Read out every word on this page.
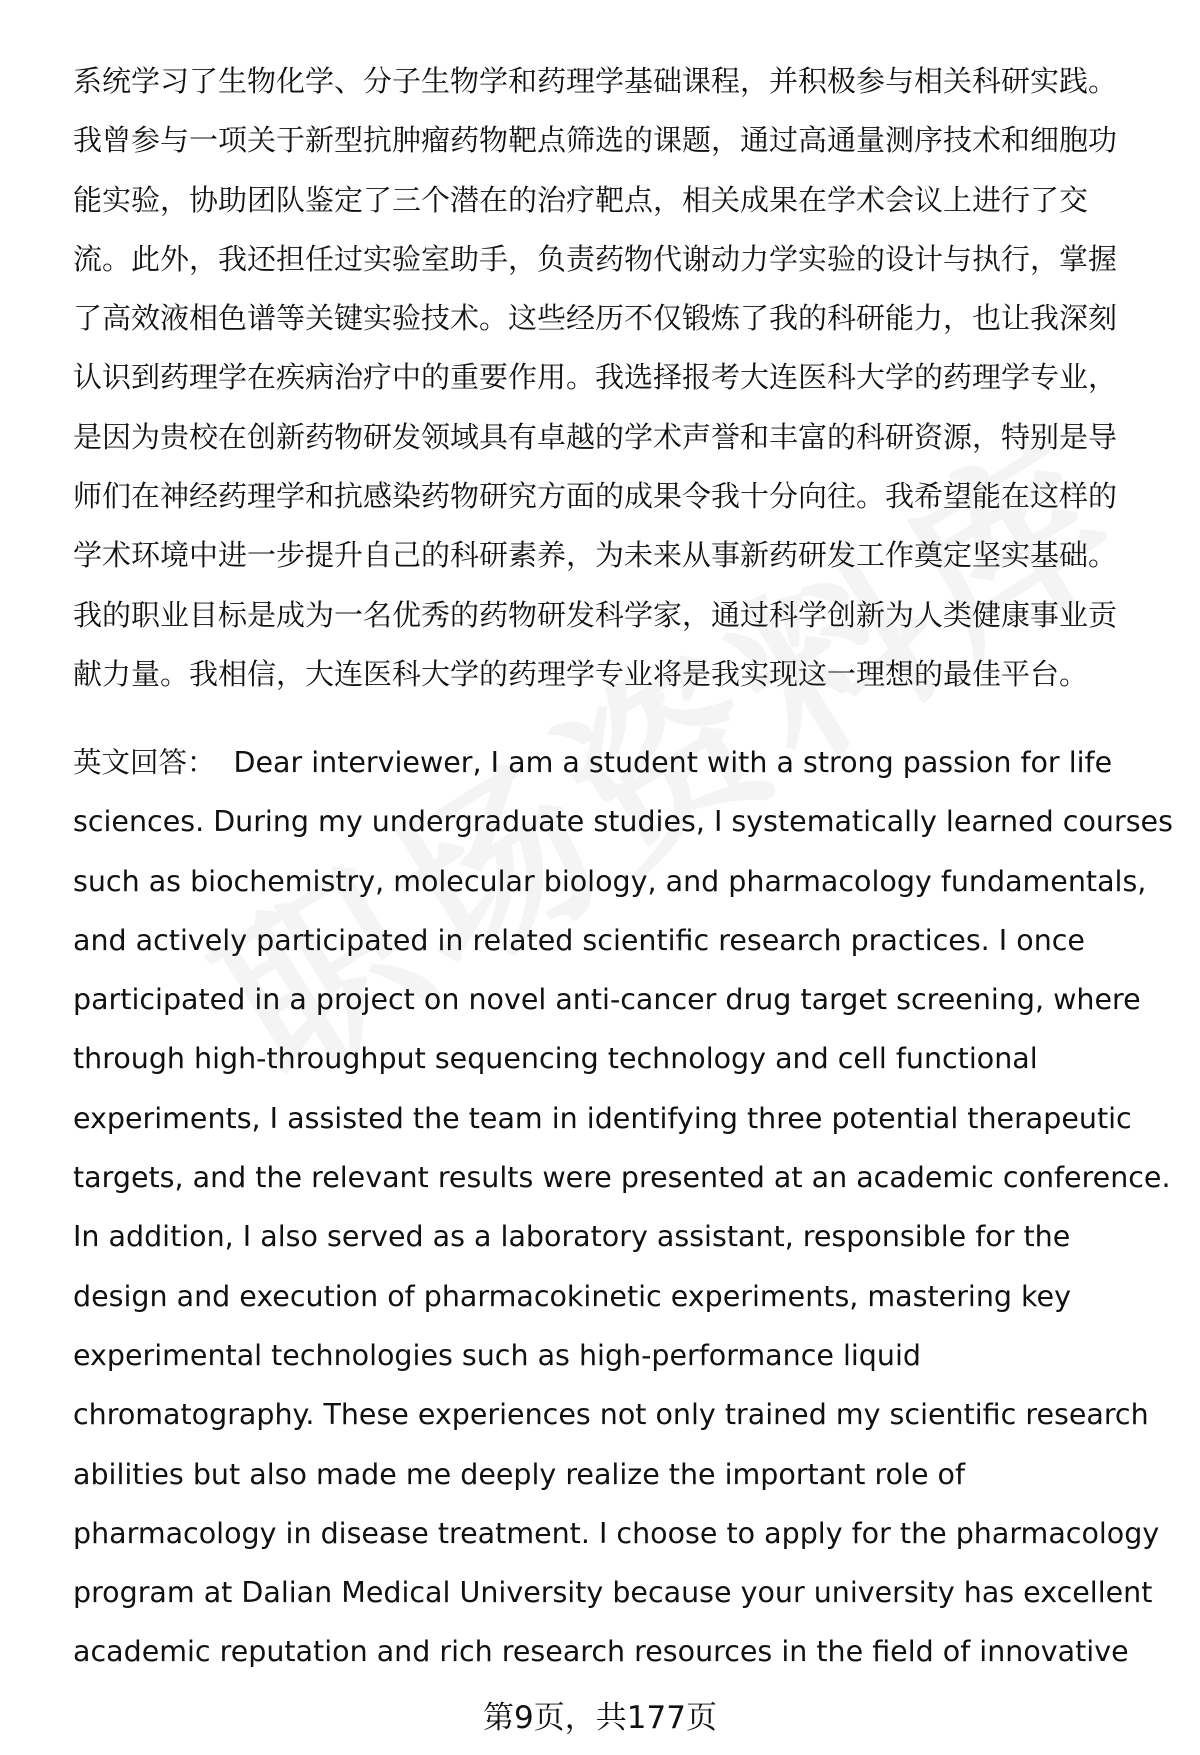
系统学习了生物化学、分子生物学和药理学基础课程，并积极参与相关科研实践。
我曾参与一项关于新型抗肿瘤药物靶点筛选的课题，通过高通量测序技术和细胞功
能实验，协助团队鉴定了三个潜在的治疗靶点，相关成果在学术会议上进行了交
流。此外，我还担任过实验室助手，负责药物代谢动力学实验的设计与执行，掌握
了高效液相色谱等关键实验技术。这些经历不仅锻炼了我的科研能力，也让我深刻
认识到药理学在疾病治疗中的重要作用。我选择报考大连医科大学的药理学专业，
是因为贵校在创新药物研发领域具有卓越的学术声誉和丰富的科研资源，特别是导
师们在神经药理学和抗感染药物研究方面的成果令我十分向往。我希望能在这样的
学术环境中进一步提升自己的科研素养，为未来从事新药研发工作奠定坚实基础。
我的职业目标是成为一名优秀的药物研发科学家，通过科学创新为人类健康事业贡
献力量。我相信，大连医科大学的药理学专业将是我实现这一理想的最佳平台。
英文回答： Dear interviewer, I am a student with a strong passion for life
sciences. During my undergraduate studies, I systematically learned courses
such as biochemistry, molecular biology, and pharmacology fundamentals,
and actively participated in related scientific research practices. I once
participated in a project on novel anti-cancer drug target screening, where
through high-throughput sequencing technology and cell functional
experiments, I assisted the team in identifying three potential therapeutic
targets, and the relevant results were presented at an academic conference.
In addition, I also served as a laboratory assistant, responsible for the
design and execution of pharmacokinetic experiments, mastering key
experimental technologies such as high-performance liquid
chromatography. These experiences not only trained my scientific research
abilities but also made me deeply realize the important role of
pharmacology in disease treatment. I choose to apply for the pharmacology
program at Dalian Medical University because your university has excellent
academic reputation and rich research resources in the field of innovative
第9页，共177页
